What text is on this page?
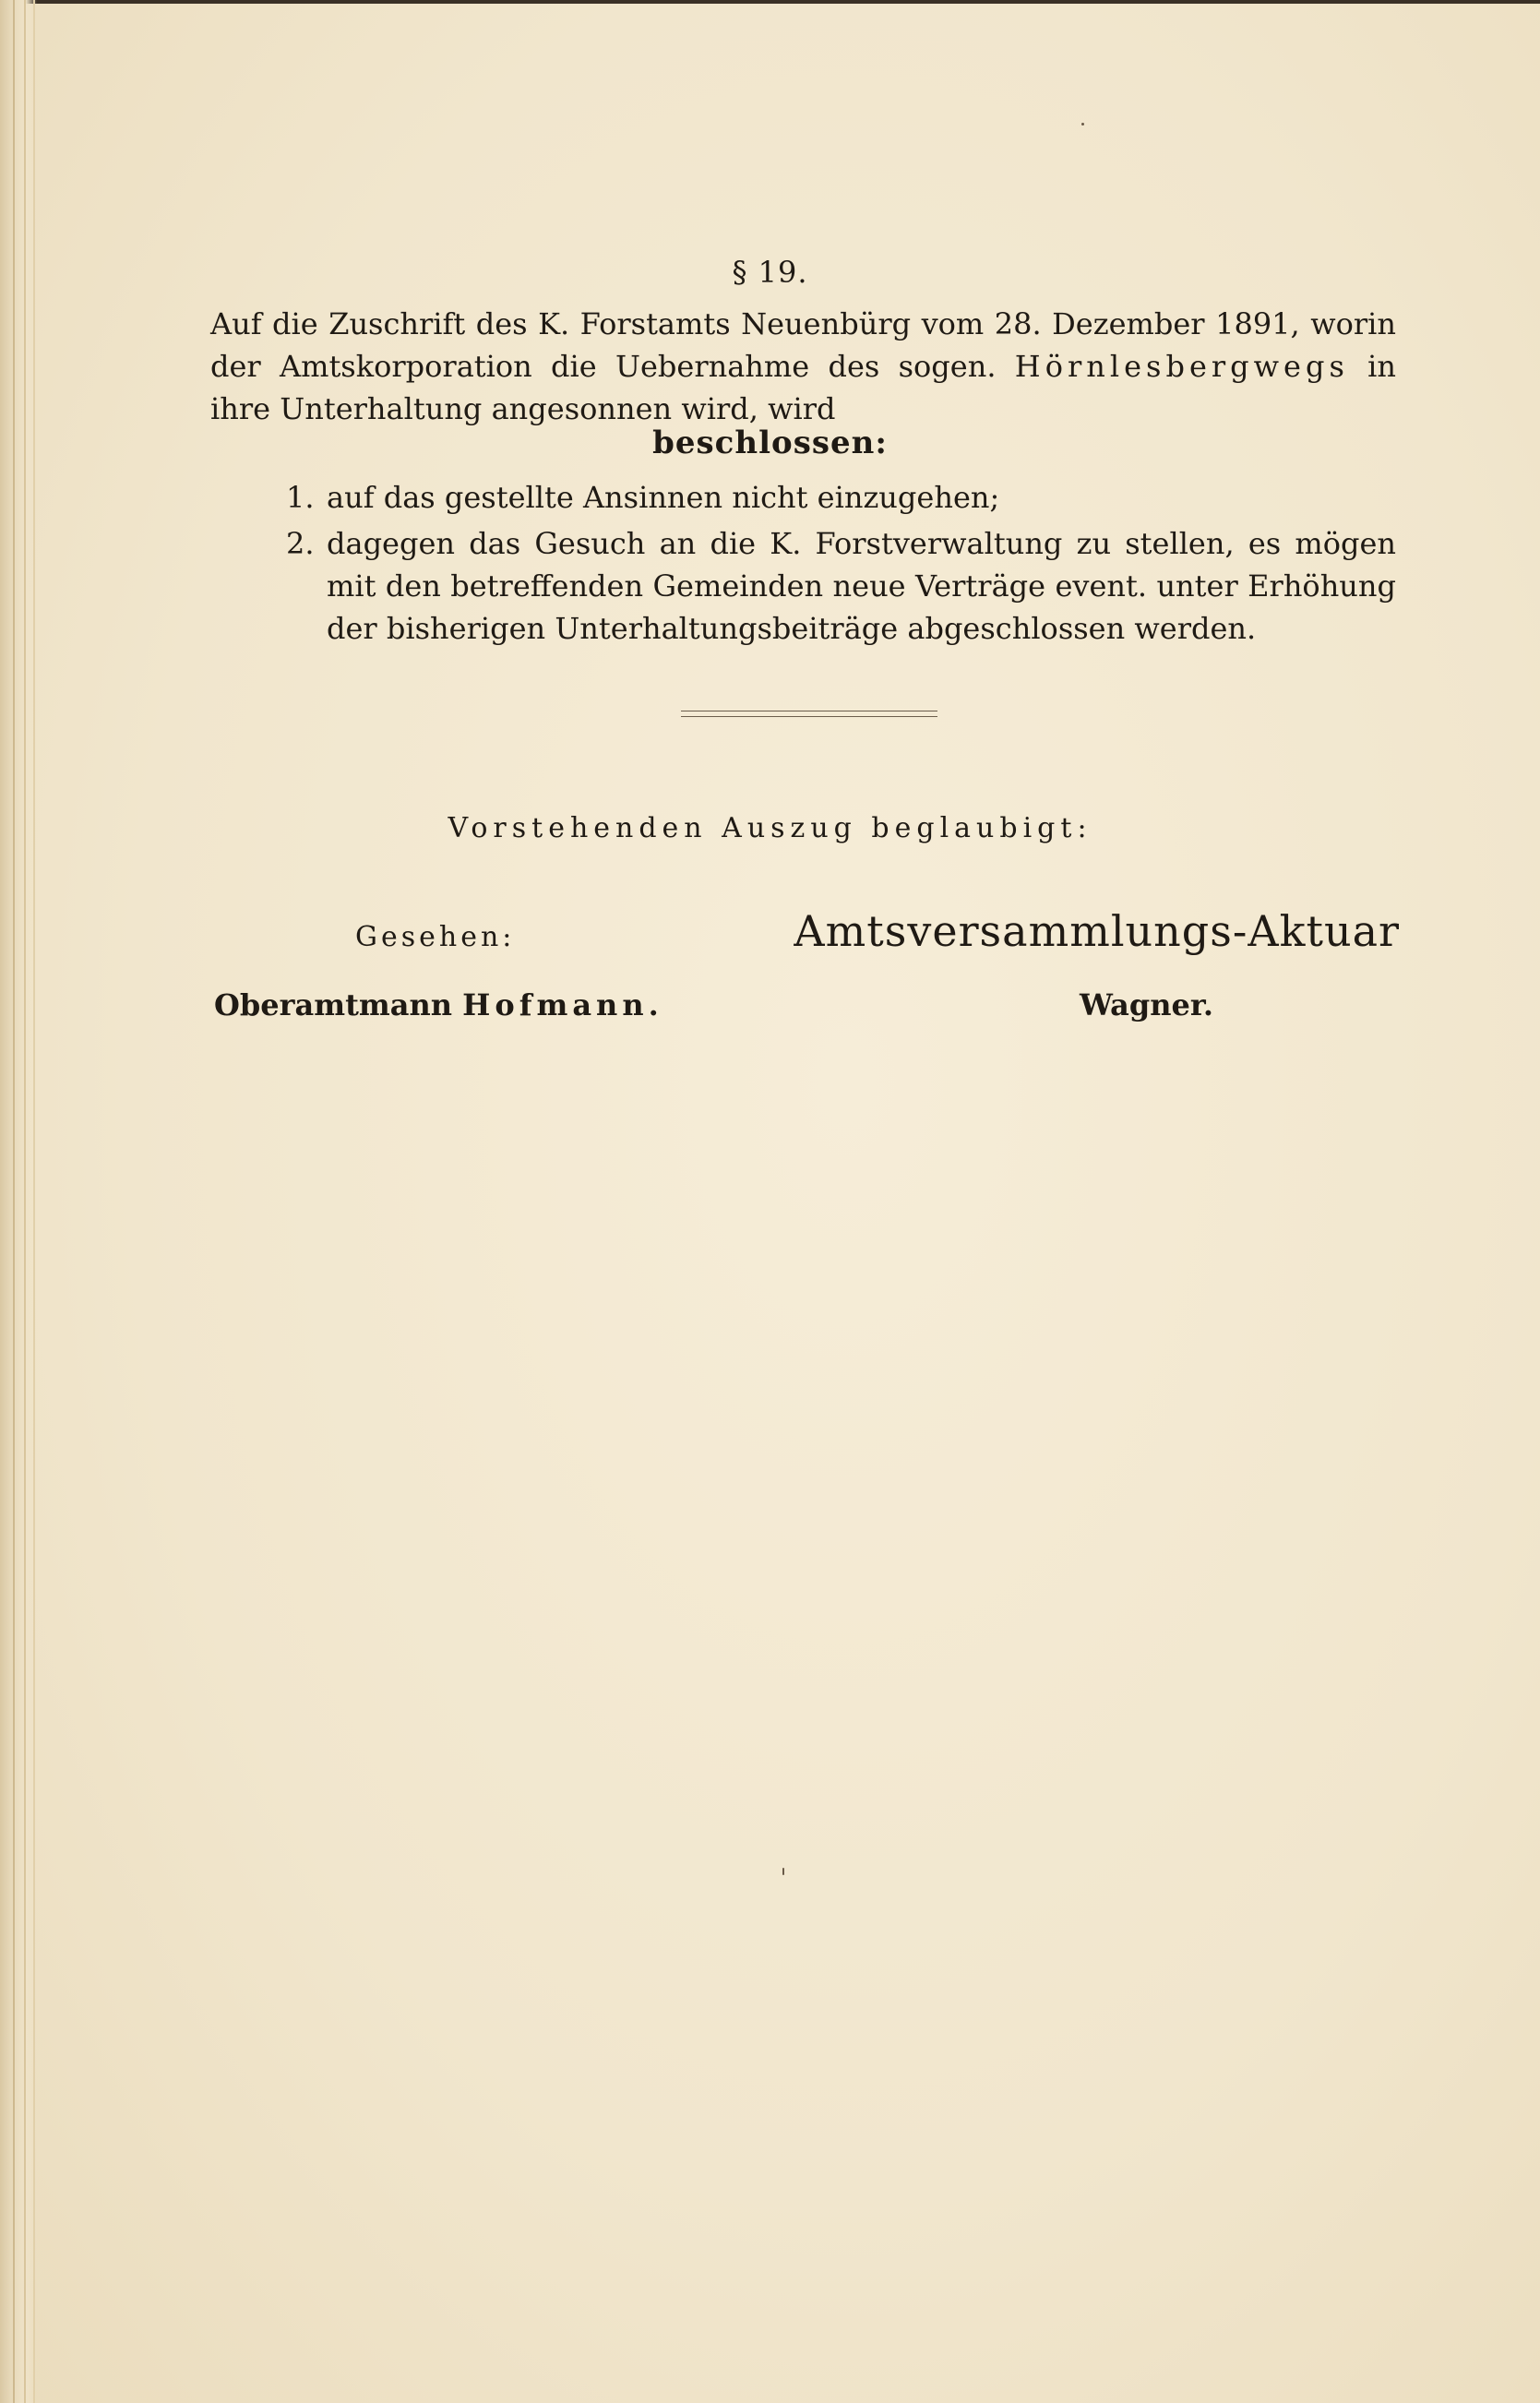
§ 19.
Auf die Zuschrift des K. Forstamts Neuenbürg vom 28. Dezember 1891, worin der Amtskorporation die Uebernahme des sogen. Hörnlesbergwegs in ihre Unterhaltung angesonnen wird, wird
beschlossen:
1. auf das gestellte Ansinnen nicht einzugehen;
2. dagegen das Gesuch an die K. Forstverwaltung zu stellen, es mögen mit den betreffenden Gemeinden neue Verträge event. unter Erhöhung der bisherigen Unterhaltungsbeiträge abgeschlossen werden.
Vorstehenden Auszug beglaubigt:
Gesehen:	Amtsversammlungs-Aktuar
Oberamtmann Hofmann.	Wagner.
